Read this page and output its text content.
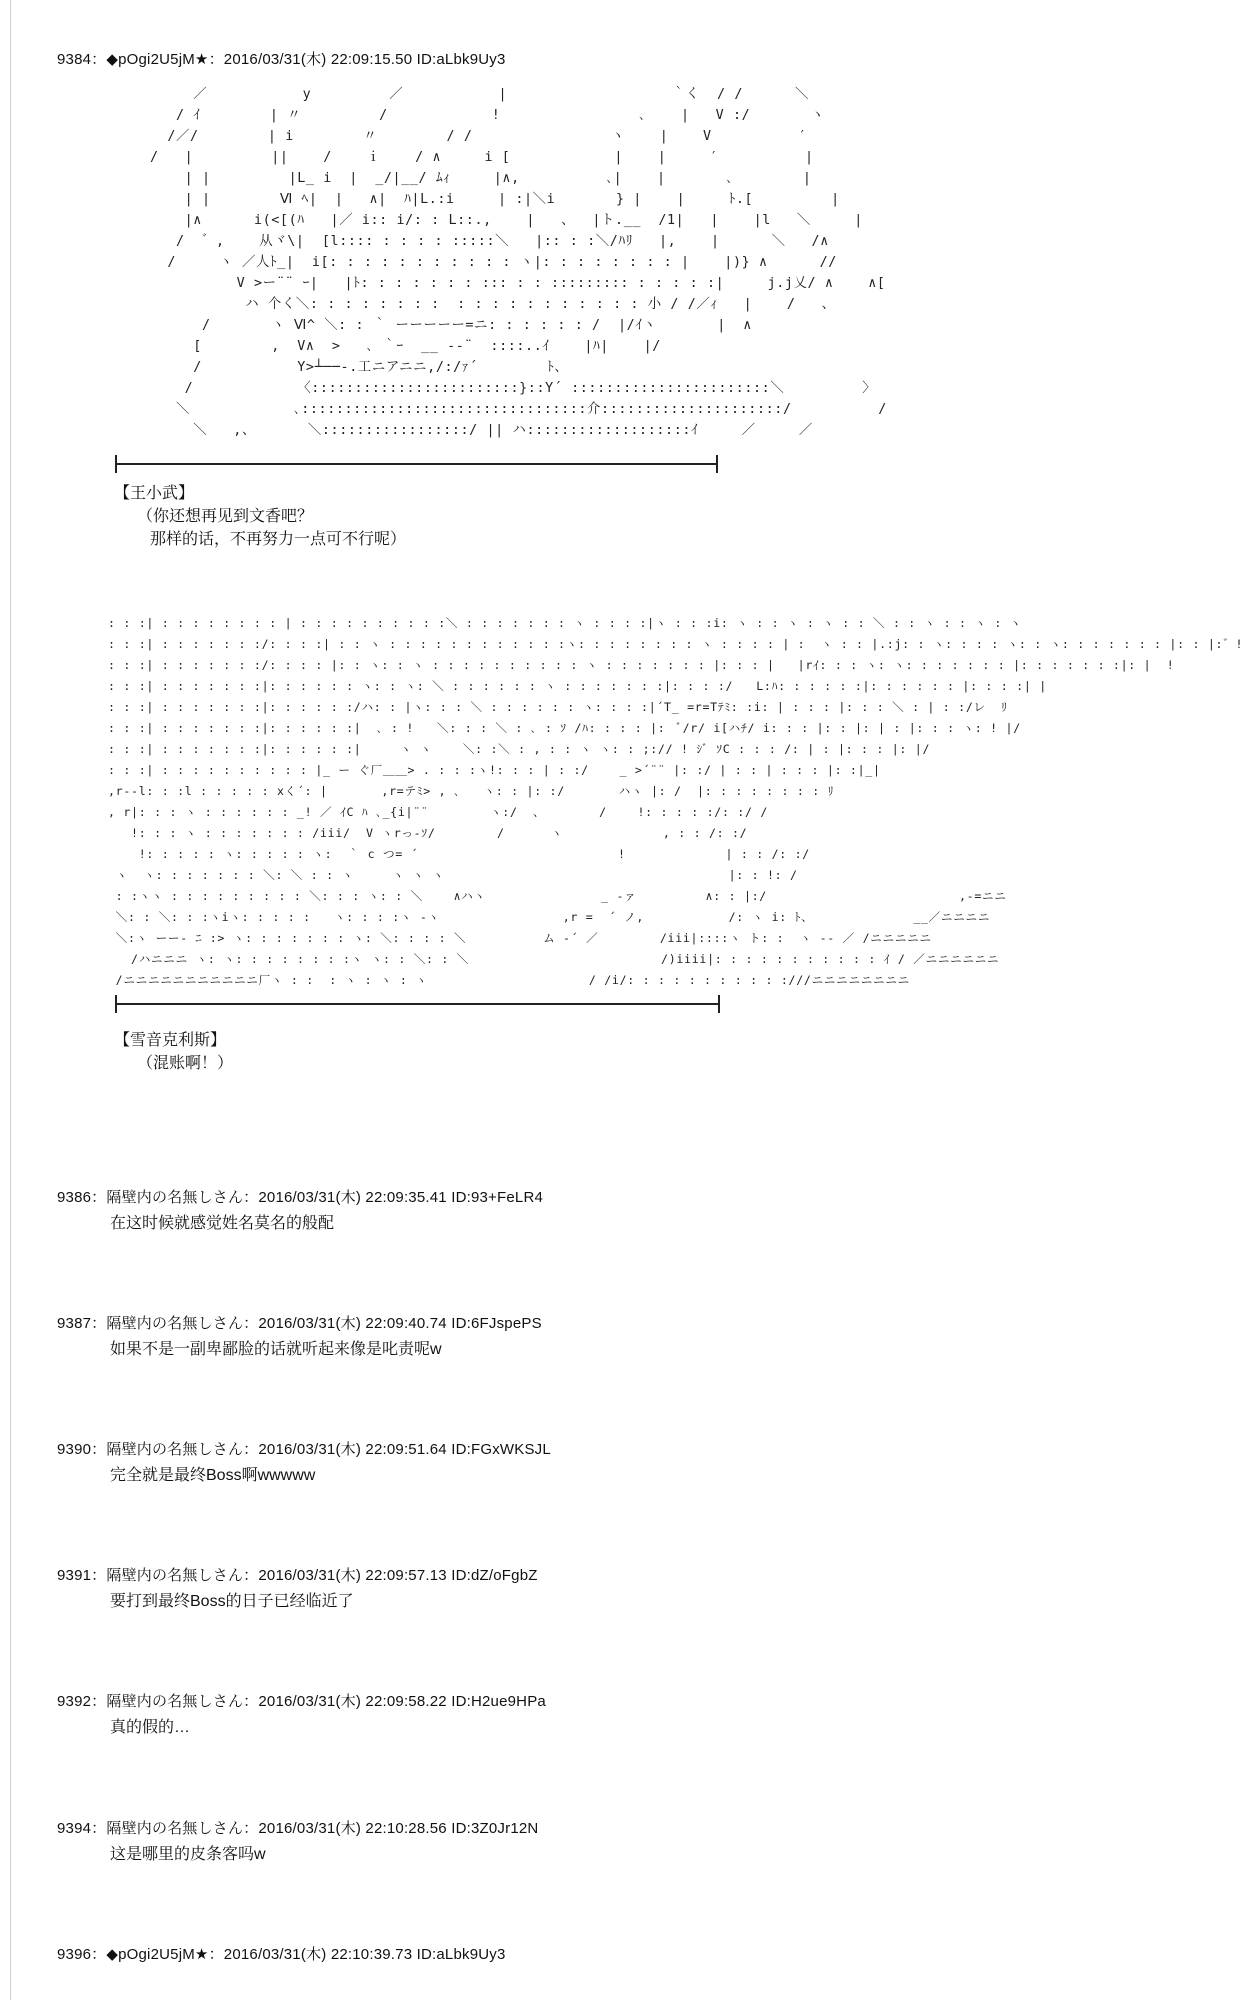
9384：◆pOgi2U5jM★：2016/03/31(木) 22:09:15.50 ID:aLbk9Uy3
／           y         ／           |                   ｀く  / /      ＼
/ ｲ        | 〃         /            !                ､    |   V :/       ヽ
/／/        | i        〃        / /                ヽ    |    V          ′
/   |         ||    /    ｉ    / ∧     i [            |    |     ′          |
| |         |L_ i  |  _/|__/ ﾑｨ     |∧,          ､|    |       ､        |
| |        Ⅵ ﾍ|  |   ∧|  ﾊ|L.:i     | :|＼i       } |    |     ﾄ.[         |
|∧      i(<[(ﾊ   |／ i:: i/: : L::.,    |   、  |ト.__  /1|   |    |l   ＼     |
/  ゛,    从ヾ\|  [l:::: : : : : :::::＼   |:: : :＼/ﾊﾘ   |,    |      ＼   /∧
/     ヽ ／人ﾄ_|  i[: : : : : : : : : : : ヽ|: : : : : : : : |    |)} ∧      //
V >ー¨¨ ｰ|   |ﾄ: : : : : : : ::: : : ::::::::: : : : : :|     j.j乂/ ∧    ∧[
ハ 个く＼: : : : : : : :  : : : : : : : : : : : 小 / /／ｨ   |    /   、
/       ヽ Ⅵ^ ＼: : ｀ ーーーーー=ニ: : : : : : /  |/ｲヽ       |  ∧
[        ,  V∧  >   ､ ｀ｰ  __ -‐¨  ::::..ｲ    |ﾊ|    |/
/           Y>┴──-.工ニアニニ,/:/ｧ´        ﾄ、
/            〈::::::::::::::::::::::::}::Y´ :::::::::::::::::::::::＼         〉
＼            ､:::::::::::::::::::::::::::::::::介:::::::::::::::::::::/          /
＼   ,、      ＼:::::::::::::::::/ || ハ:::::::::::::::::::ｲ     ／     ／
【王小武】
（你还想再见到文香吧？
那样的话，不再努力一点可不行呢）
: : :| : : : : : : : : | : : : : : : : : : :＼ : : : : : : : ヽ : : : :|ヽ : : :i: ヽ : : ヽ : ヽ : : ＼ : : ヽ : : ヽ : ヽ
: : :| : : : : : : :/: : : :| : : ヽ : : : : : : : : : : : :ヽ: : : : : : : : ヽ : : : : | :  ヽ : : |.:j: : ヽ: : : : ヽ: : ヽ: : : : : : : |: : |:゛!
: : :| : : : : : : :/: : : : |: : ヽ: : ヽ : : : : : : : : : : ヽ : : : : : : : |: : : |   |rｲ: : : ヽ: ヽ: : : : : : : |: : : : : : :|: |  !
: : :| : : : : : : :|: : : : : : ヽ: : ヽ: ＼ : : : : : : ヽ : : : : : : :|: : : :/   L:ﾊ: : : : : :|: : : : : : |: : : :| |
: : :| : : : : : : :|: : : : : :/ハ: : |ヽ: : : ＼ : : : : : : ヽ: : : :|´T_ =r=Tﾃﾐ: :i: | : : : |: : : ＼ : | : :/レ  ﾘ
: : :| : : : : : : :|: : : : : :|  ､ : !   ＼: : : ＼ : ､ : ｿ /ﾊ: : : : |:  ﾞ/r/ i[ハﾁ/ i: : : |: : |: | : |: : : ヽ: ! |/
: : :| : : : : : : :|: : : : : :|     ヽ ヽ    ＼: :＼ : , : : ヽ ヽ: : ;:// ! ｼﾞ ｿC : : : /: | : |: : : |: |/
: : :| : : : : : : : : : : |_ ー ぐ厂＿＿> . : : :ヽ!: : : | : :/    _ >´¨¨ |: :/ | : : | : : : |: :|_|
,r-‐l: : :l : : : : : xく´: |       ,r=テﾐ> , ､   ヽ: : |: :/       ハヽ |: /  |: : : : : : : : ﾘ
, r|: : : ヽ : : : : : : _! ／ ｲC ﾊ ､_{i|¨¨        ヽ:/  、       /    !: : : : :/: :/ /
!: : : ヽ : : : : : : : /iii/  V ヽrっ-ｿ/        /      ヽ             , : : /: :/
!: : : : : ヽ: : : : : ヽ:  ｀ c つ= ´                          !             | : : /: :/
ヽ  ヽ: : : : : : : ＼: ＼ : : ヽ     ヽ ヽ ヽ                                     |: : !: /
: :ヽヽ : : : : : : : : : ＼: : : ヽ: : ＼    ∧ハヽ               _ -ァ         ∧: : |:/                         ,-=ニニ
＼: : ＼: : :ヽiヽ: : : : :   ヽ: : : :ヽ -ヽ                ,r =  ´ ノ,           /: ヽ i: ﾄ、             __／ニニニニ
＼:ヽ ーー- ﾆ :> ヽ: : : : : : : ヽ: ＼: : : : ＼          ム -´ ／        /iii|::::ヽ ト: :  ヽ -‐ ／ /ニニニニニ
/ハニニニ ヽ: ヽ: : : : : : : :ヽ ヽ: : ＼: : ＼                         /)iiii|: : : : : : : : : : : ｲ / ／ニニニニニニ
/ニニニニニニニニニニニ厂ヽ : :  : ヽ : ヽ : ヽ                     / /i/: : : : : : : : : : :///ニニニニニニニニ
【雪音克利斯】
（混账啊！）
9386：隔壁内の名無しさん：2016/03/31(木) 22:09:35.41 ID:93+FeLR4
在这时候就感觉姓名莫名的般配
9387：隔壁内の名無しさん：2016/03/31(木) 22:09:40.74 ID:6FJspePS
如果不是一副卑鄙脸的话就听起来像是叱责呢w
9390：隔壁内の名無しさん：2016/03/31(木) 22:09:51.64 ID:FGxWKSJL
完全就是最终Boss啊wwwww
9391：隔壁内の名無しさん：2016/03/31(木) 22:09:57.13 ID:dZ/oFgbZ
要打到最终Boss的日子已经临近了
9392：隔壁内の名無しさん：2016/03/31(木) 22:09:58.22 ID:H2ue9HPa
真的假的…
9394：隔壁内の名無しさん：2016/03/31(木) 22:10:28.56 ID:3Z0Jr12N
这是哪里的皮条客吗w
9396：◆pOgi2U5jM★：2016/03/31(木) 22:10:39.73 ID:aLbk9Uy3
